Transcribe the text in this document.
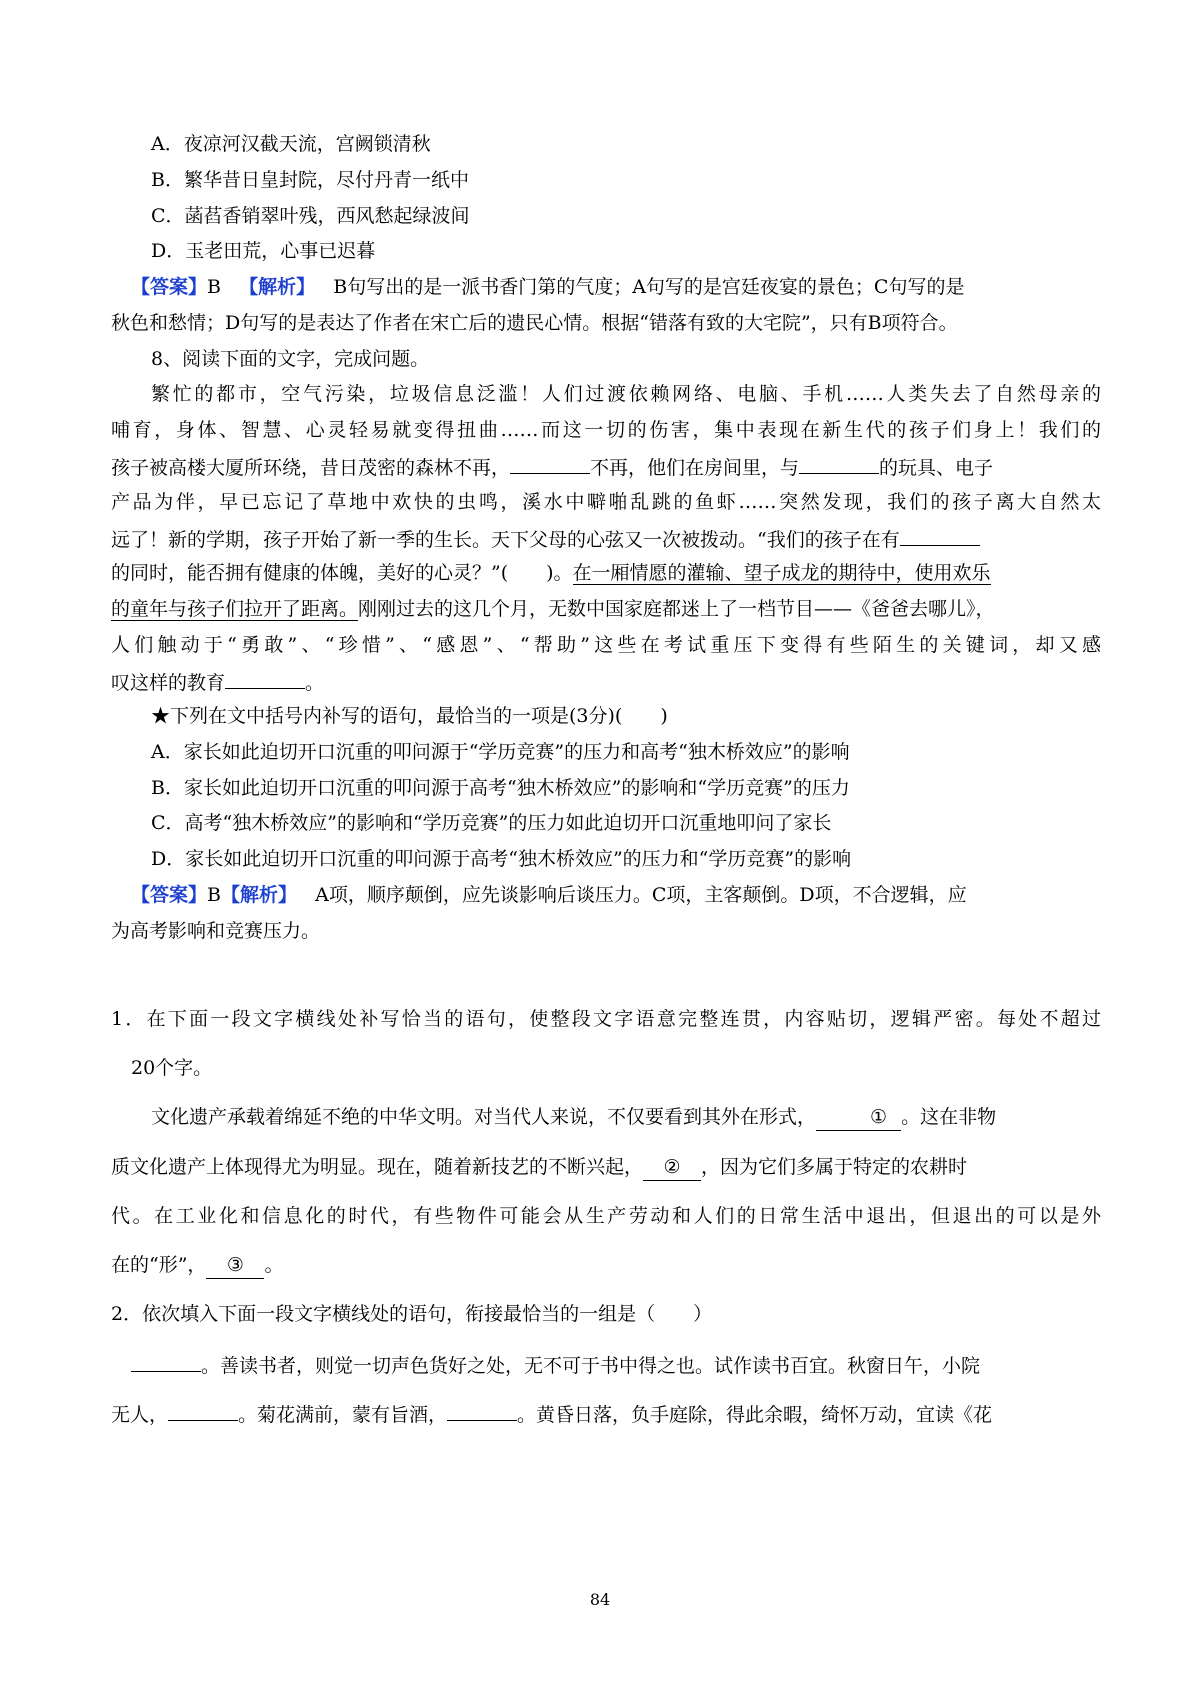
A．夜凉河汉截天流，宫阙锁清秋
B．繁华昔日皇封院，尽付丹青一纸中
C．菡萏香销翠叶残，西风愁起绿波间
D．玉老田荒，心事已迟暮
【答案】B 【解析】 B句写出的是一派书香门第的气度；A句写的是宫廷夜宴的景色；C句写的是
秋色和愁情；D句写的是表达了作者在宋亡后的遗民心情。根据“错落有致的大宅院”，只有B项符合。
8、阅读下面的文字，完成问题。
繁忙的都市，空气污染，垃圾信息泛滥！人们过渡依赖网络、电脑、手机……人类失去了自然母亲的
哺育，身体、智慧、心灵轻易就变得扭曲……而这一切的伤害，集中表现在新生代的孩子们身上！我们的
孩子被高楼大厦所环绕，昔日茂密的森林不再，	不再，他们在房间里，与	的玩具、电子
产品为伴，早已忘记了草地中欢快的虫鸣，溪水中噼啪乱跳的鱼虾……突然发现，我们的孩子离大自然太
远了！新的学期，孩子开始了新一季的生长。天下父母的心弦又一次被拨动。“我们的孩子在有
的同时，能否拥有健康的体魄，美好的心灵？”(　　)。在一厢情愿的灌输、望子成龙的期待中，使用欢乐
的童年与孩子们拉开了距离。刚刚过去的这几个月，无数中国家庭都迷上了一档节目——《爸爸去哪儿》，
人们触动于“勇敢”、“珍惜”、“感恩”、“帮助”这些在考试重压下变得有些陌生的关键词，却又感
叹这样的教育	。
★下列在文中括号内补写的语句，最恰当的一项是(3分)(　　)
A．家长如此迫切开口沉重的叩问源于“学历竞赛”的压力和高考“独木桥效应”的影响
B．家长如此迫切开口沉重的叩问源于高考“独木桥效应”的影响和“学历竞赛”的压力
C．高考“独木桥效应”的影响和“学历竞赛”的压力如此迫切开口沉重地叩问了家长
D．家长如此迫切开口沉重的叩问源于高考“独木桥效应”的压力和“学历竞赛”的影响
【答案】B【解析】 A项，顺序颠倒，应先谈影响后谈压力。C项，主客颠倒。D项，不合逻辑，应
为高考影响和竞赛压力。
1．在下面一段文字横线处补写恰当的语句，使整段文字语意完整连贯，内容贴切，逻辑严密。每处不超过
20个字。
文化遗产承载着绵延不绝的中华文明。对当代人来说，不仅要看到其外在形式，	① 。这在非物
质文化遗产上体现得尤为明显。现在，随着新技艺的不断兴起， ② ，因为它们多属于特定的农耕时
代。在工业化和信息化的时代，有些物件可能会从生产劳动和人们的日常生活中退出，但退出的可以是外
在的“形”， ③ 。
2．依次填入下面一段文字横线处的语句，衔接最恰当的一组是（　　）
。善读书者，则觉一切声色货好之处，无不可于书中得之也。试作读书百宜。秋窗日午，小院
无人，	。菊花满前，蒙有旨酒，	。黄昏日落，负手庭除，得此余暇，绮怀万动，宜读《花
84
